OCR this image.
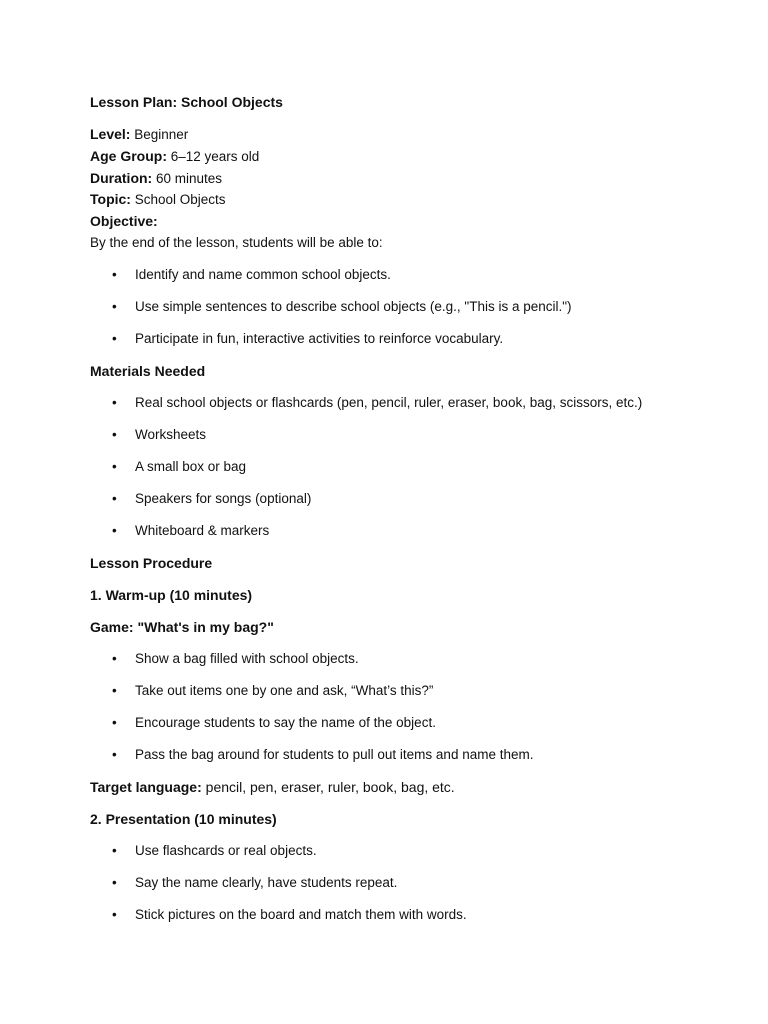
Lesson Plan: School Objects

Level: Beginner
Age Group: 6–12 years old
Duration: 60 minutes
Topic: School Objects
Objective:

By the end of the lesson, students will be able to:

• Identify and name common school objects.
• Use simple sentences to describe school objects (e.g., "This is a pencil.")
• Participate in fun, interactive activities to reinforce vocabulary.
Materials Needed
• Real school objects or flashcards (pen, pencil, ruler, eraser, book, bag, scissors, etc.)
• Worksheets
• A small box or bag
• Speakers for songs (optional)
• Whiteboard & markers
Lesson Procedure
1. Warm-up (10 minutes)
Game: "What's in my bag?"
• Show a bag filled with school objects.
• Take out items one by one and ask, “What’s this?”
• Encourage students to say the name of the object.
• Pass the bag around for students to pull out items and name them.
Target language: pencil, pen, eraser, ruler, book, bag, etc.
2. Presentation (10 minutes)
• Use flashcards or real objects.
• Say the name clearly, have students repeat.
• Stick pictures on the board and match them with words.
